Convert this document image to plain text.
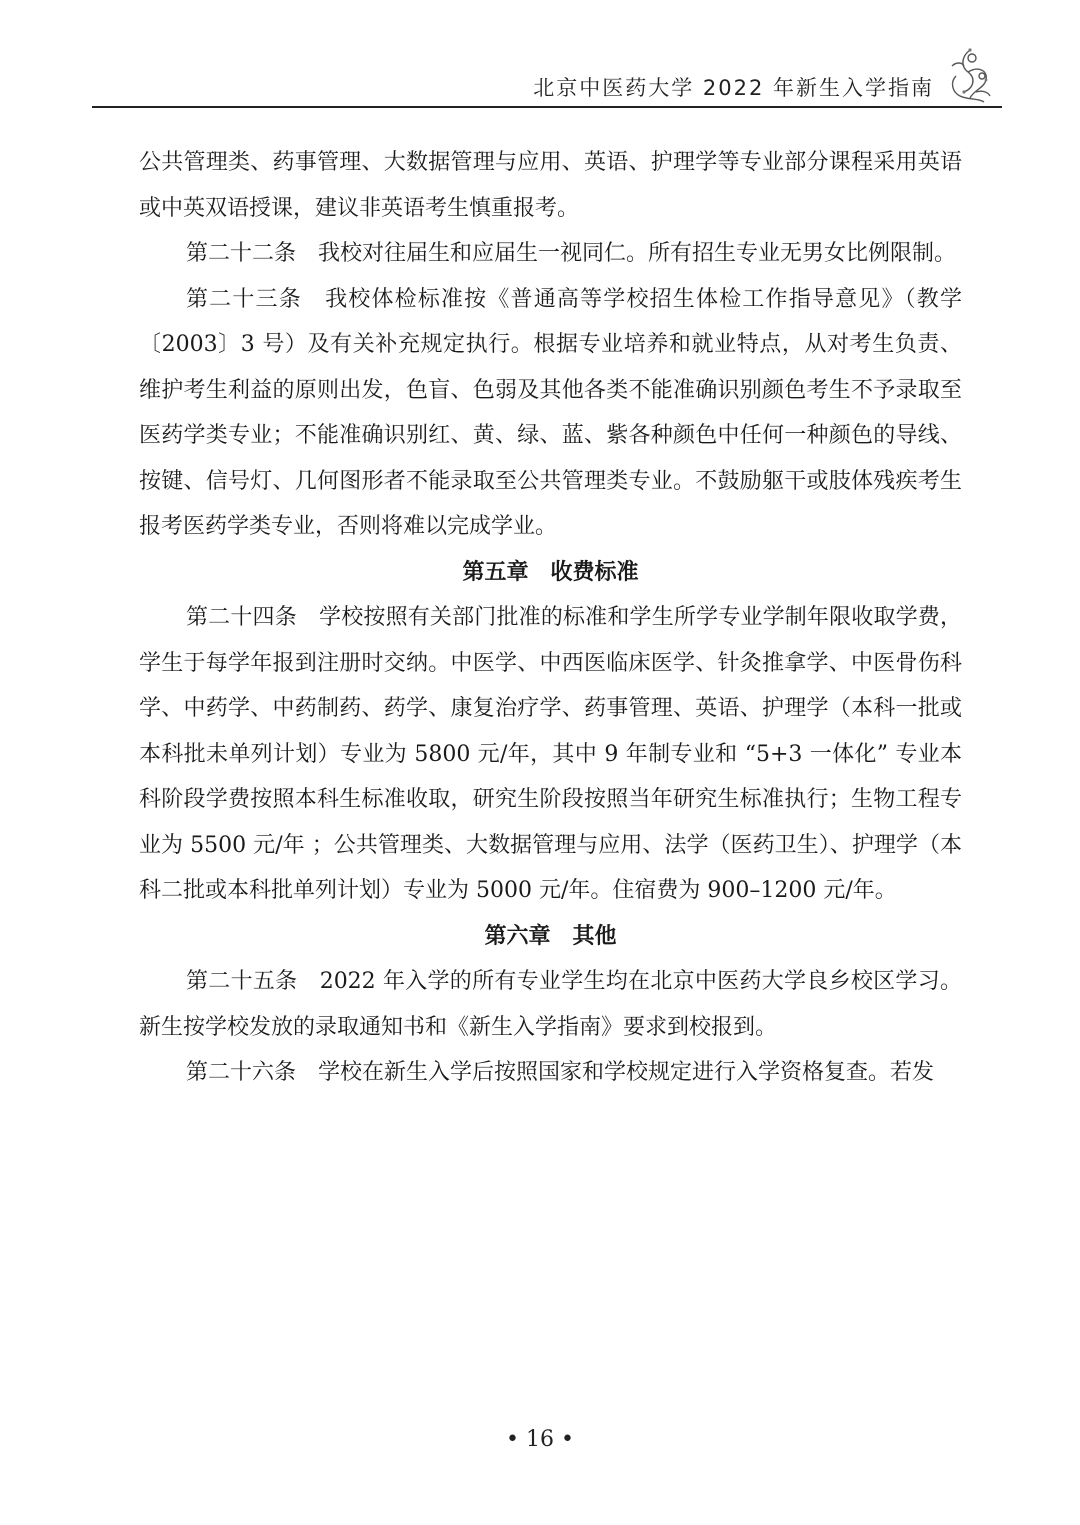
北京中医药大学 2022 年新生入学指南

公共管理类、药事管理、大数据管理与应用、英语、护理学等专业部分课程采用英语或中英双语授课，建议非英语考生慎重报考。

第二十二条　我校对往届生和应届生一视同仁。所有招生专业无男女比例限制。

第二十三条　我校体检标准按《普通高等学校招生体检工作指导意见》（教学〔2003〕3 号）及有关补充规定执行。根据专业培养和就业特点，从对考生负责、维护考生利益的原则出发，色盲、色弱及其他各类不能准确识别颜色考生不予录取至医药学类专业；不能准确识别红、黄、绿、蓝、紫各种颜色中任何一种颜色的导线、按键、信号灯、几何图形者不能录取至公共管理类专业。不鼓励躯干或肢体残疾考生报考医药学类专业，否则将难以完成学业。

第五章　收费标准

第二十四条　学校按照有关部门批准的标准和学生所学专业学制年限收取学费，学生于每学年报到注册时交纳。中医学、中西医临床医学、针灸推拿学、中医骨伤科学、中药学、中药制药、药学、康复治疗学、药事管理、英语、护理学（本科一批或本科批未单列计划）专业为 5800 元/年，其中 9 年制专业和 “5+3 一体化” 专业本科阶段学费按照本科生标准收取，研究生阶段按照当年研究生标准执行；生物工程专业为 5500 元/年 ；公共管理类、大数据管理与应用、法学（医药卫生）、护理学（本科二批或本科批单列计划）专业为 5000 元/年。住宿费为 900–1200 元/年。

第六章　其他

第二十五条　2022 年入学的所有专业学生均在北京中医药大学良乡校区学习。新生按学校发放的录取通知书和《新生入学指南》要求到校报到。

第二十六条　学校在新生入学后按照国家和学校规定进行入学资格复查。若发

• 16 •
